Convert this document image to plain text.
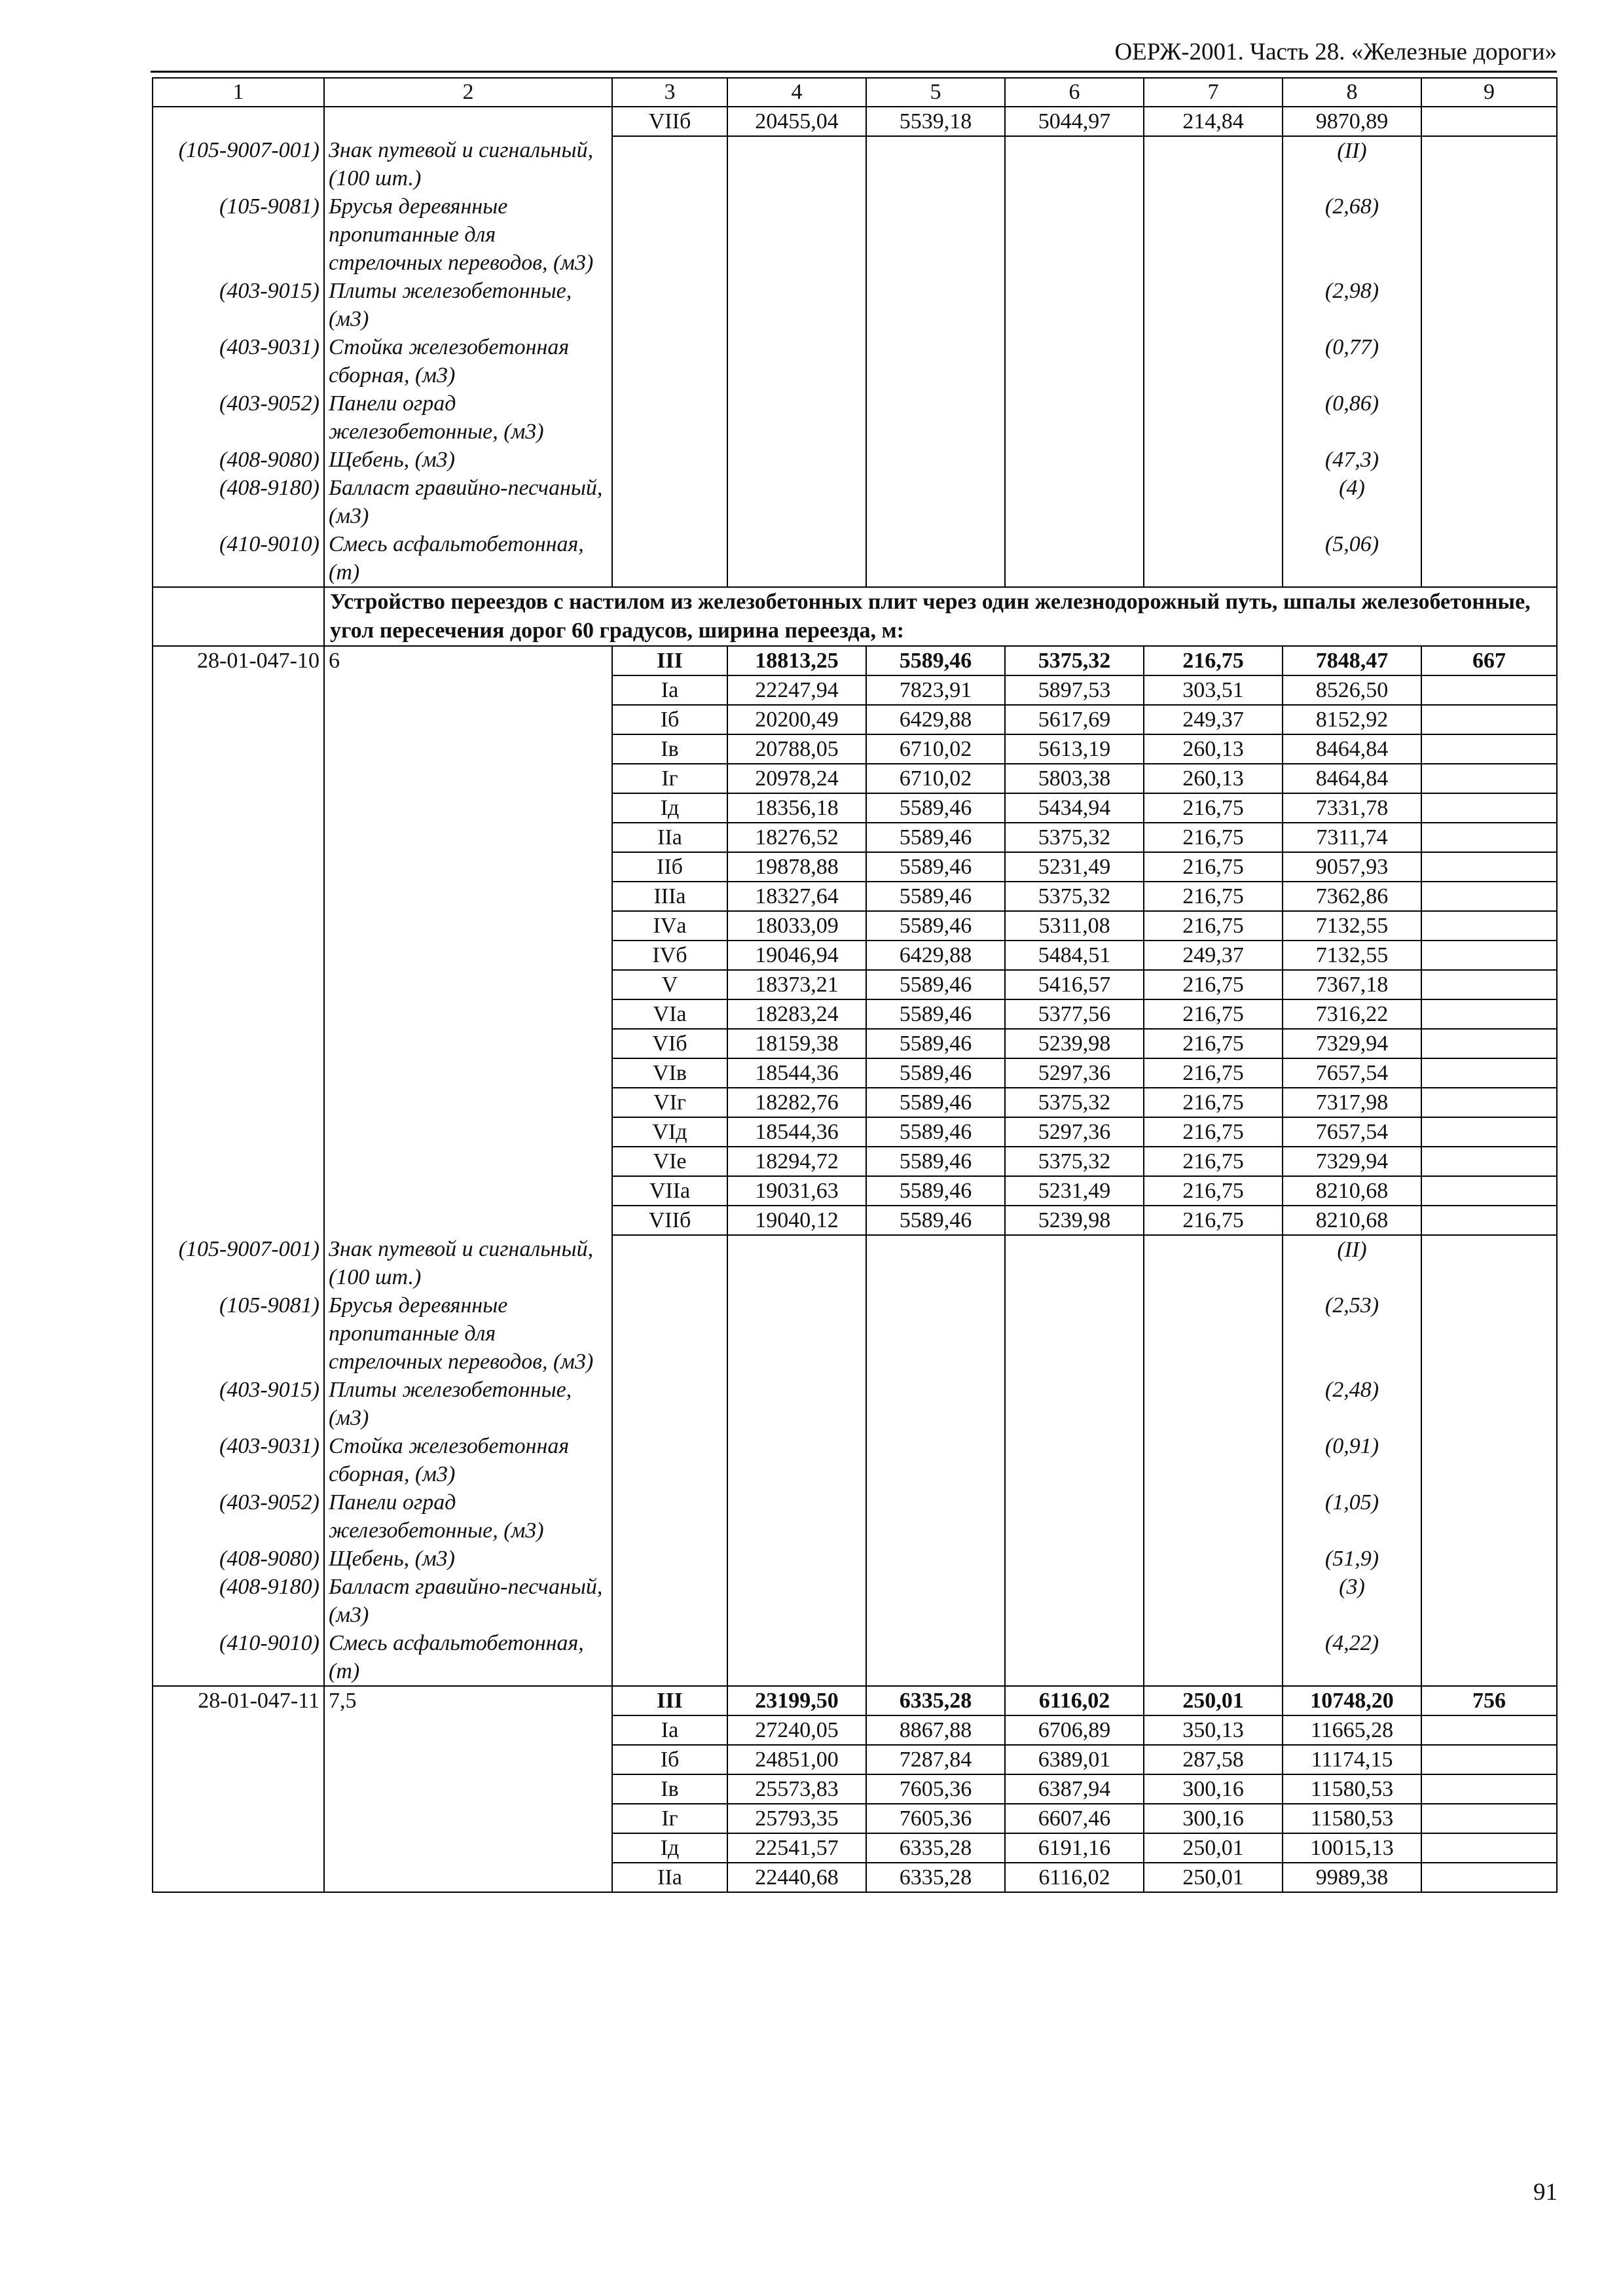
ОЕРЖ-2001. Часть 28. «Железные дороги»
1	2	3	4	5	6	7	8	9
		VIIб	20455,04	5539,18	5044,97	214,84	9870,89	
(105-9007-001)	Знак путевой и сигнальный, (100 шт.)						(II)	
(105-9081)	Брусья деревянные пропитанные для стрелочных переводов, (м3)						(2,68)	
(403-9015)	Плиты железобетонные, (м3)						(2,98)	
(403-9031)	Стойка железобетонная сборная, (м3)						(0,77)	
(403-9052)	Панели оград железобетонные, (м3)						(0,86)	
(408-9080)	Щебень, (м3)						(47,3)	
(408-9180)	Балласт гравийно-песчаный, (м3)						(4)	
(410-9010)	Смесь асфальтобетонная, (т)						(5,06)	
	Устройство переездов с настилом из железобетонных плит через один железнодорожный путь, шпалы железобетонные, угол пересечения дорог 60 градусов, ширина переезда, м:							
28-01-047-10	6	III	18813,25	5589,46	5375,32	216,75	7848,47	667
		Iа	22247,94	7823,91	5897,53	303,51	8526,50	
		Iб	20200,49	6429,88	5617,69	249,37	8152,92	
		Iв	20788,05	6710,02	5613,19	260,13	8464,84	
		Iг	20978,24	6710,02	5803,38	260,13	8464,84	
		Iд	18356,18	5589,46	5434,94	216,75	7331,78	
		IIа	18276,52	5589,46	5375,32	216,75	7311,74	
		IIб	19878,88	5589,46	5231,49	216,75	9057,93	
		IIIа	18327,64	5589,46	5375,32	216,75	7362,86	
		IVа	18033,09	5589,46	5311,08	216,75	7132,55	
		IVб	19046,94	6429,88	5484,51	249,37	7132,55	
		V	18373,21	5589,46	5416,57	216,75	7367,18	
		VIа	18283,24	5589,46	5377,56	216,75	7316,22	
		VIб	18159,38	5589,46	5239,98	216,75	7329,94	
		VIв	18544,36	5589,46	5297,36	216,75	7657,54	
		VIг	18282,76	5589,46	5375,32	216,75	7317,98	
		VIд	18544,36	5589,46	5297,36	216,75	7657,54	
		VIе	18294,72	5589,46	5375,32	216,75	7329,94	
		VIIа	19031,63	5589,46	5231,49	216,75	8210,68	
		VIIб	19040,12	5589,46	5239,98	216,75	8210,68	
(105-9007-001)	Знак путевой и сигнальный, (100 шт.)						(II)	
(105-9081)	Брусья деревянные пропитанные для стрелочных переводов, (м3)						(2,53)	
(403-9015)	Плиты железобетонные, (м3)						(2,48)	
(403-9031)	Стойка железобетонная сборная, (м3)						(0,91)	
(403-9052)	Панели оград железобетонные, (м3)						(1,05)	
(408-9080)	Щебень, (м3)						(51,9)	
(408-9180)	Балласт гравийно-песчаный, (м3)						(3)	
(410-9010)	Смесь асфальтобетонная, (т)						(4,22)	
28-01-047-11	7,5	III	23199,50	6335,28	6116,02	250,01	10748,20	756
		Iа	27240,05	8867,88	6706,89	350,13	11665,28	
		Iб	24851,00	7287,84	6389,01	287,58	11174,15	
		Iв	25573,83	7605,36	6387,94	300,16	11580,53	
		Iг	25793,35	7605,36	6607,46	300,16	11580,53	
		Iд	22541,57	6335,28	6191,16	250,01	10015,13	
		IIа	22440,68	6335,28	6116,02	250,01	9989,38	
91
